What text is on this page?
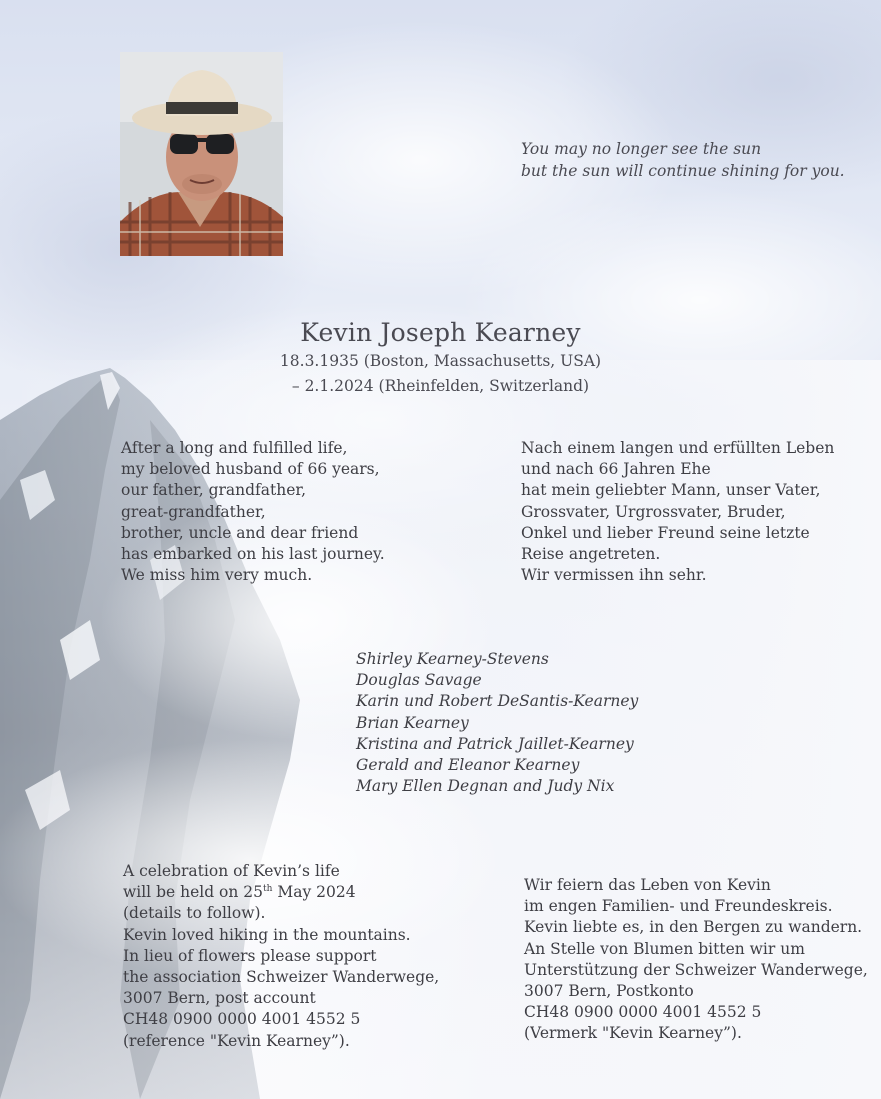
You may no longer see the sun
but the sun will continue shining for you.
Kevin Joseph Kearney
18.3.1935 (Boston, Massachusetts, USA)
– 2.1.2024 (Rheinfelden, Switzerland)
After a long and fulfilled life,
my beloved husband of 66 years,
our father, grandfather,
great-grandfather,
brother, uncle and dear friend
has embarked on his last journey.
We miss him very much.
Nach einem langen und erfüllten Leben
und nach 66 Jahren Ehe
hat mein geliebter Mann, unser Vater,
Grossvater, Urgrossvater, Bruder,
Onkel und lieber Freund seine letzte
Reise angetreten.
Wir vermissen ihn sehr.
Shirley Kearney-Stevens
Douglas Savage
Karin und Robert DeSantis-Kearney
Brian Kearney
Kristina and Patrick Jaillet-Kearney
Gerald and Eleanor Kearney
Mary Ellen Degnan and Judy Nix
A celebration of Kevin’s life
will be held on 25th May 2024
(details to follow).
Kevin loved hiking in the mountains.
In lieu of flowers please support
the association Schweizer Wanderwege,
3007 Bern, post account
CH48 0900 0000 4001 4552 5
(reference "Kevin Kearney”).
Wir feiern das Leben von Kevin
im engen Familien- und Freundeskreis.
Kevin liebte es, in den Bergen zu wandern.
An Stelle von Blumen bitten wir um
Unterstützung der Schweizer Wanderwege,
3007 Bern, Postkonto
CH48 0900 0000 4001 4552 5
(Vermerk "Kevin Kearney”).
